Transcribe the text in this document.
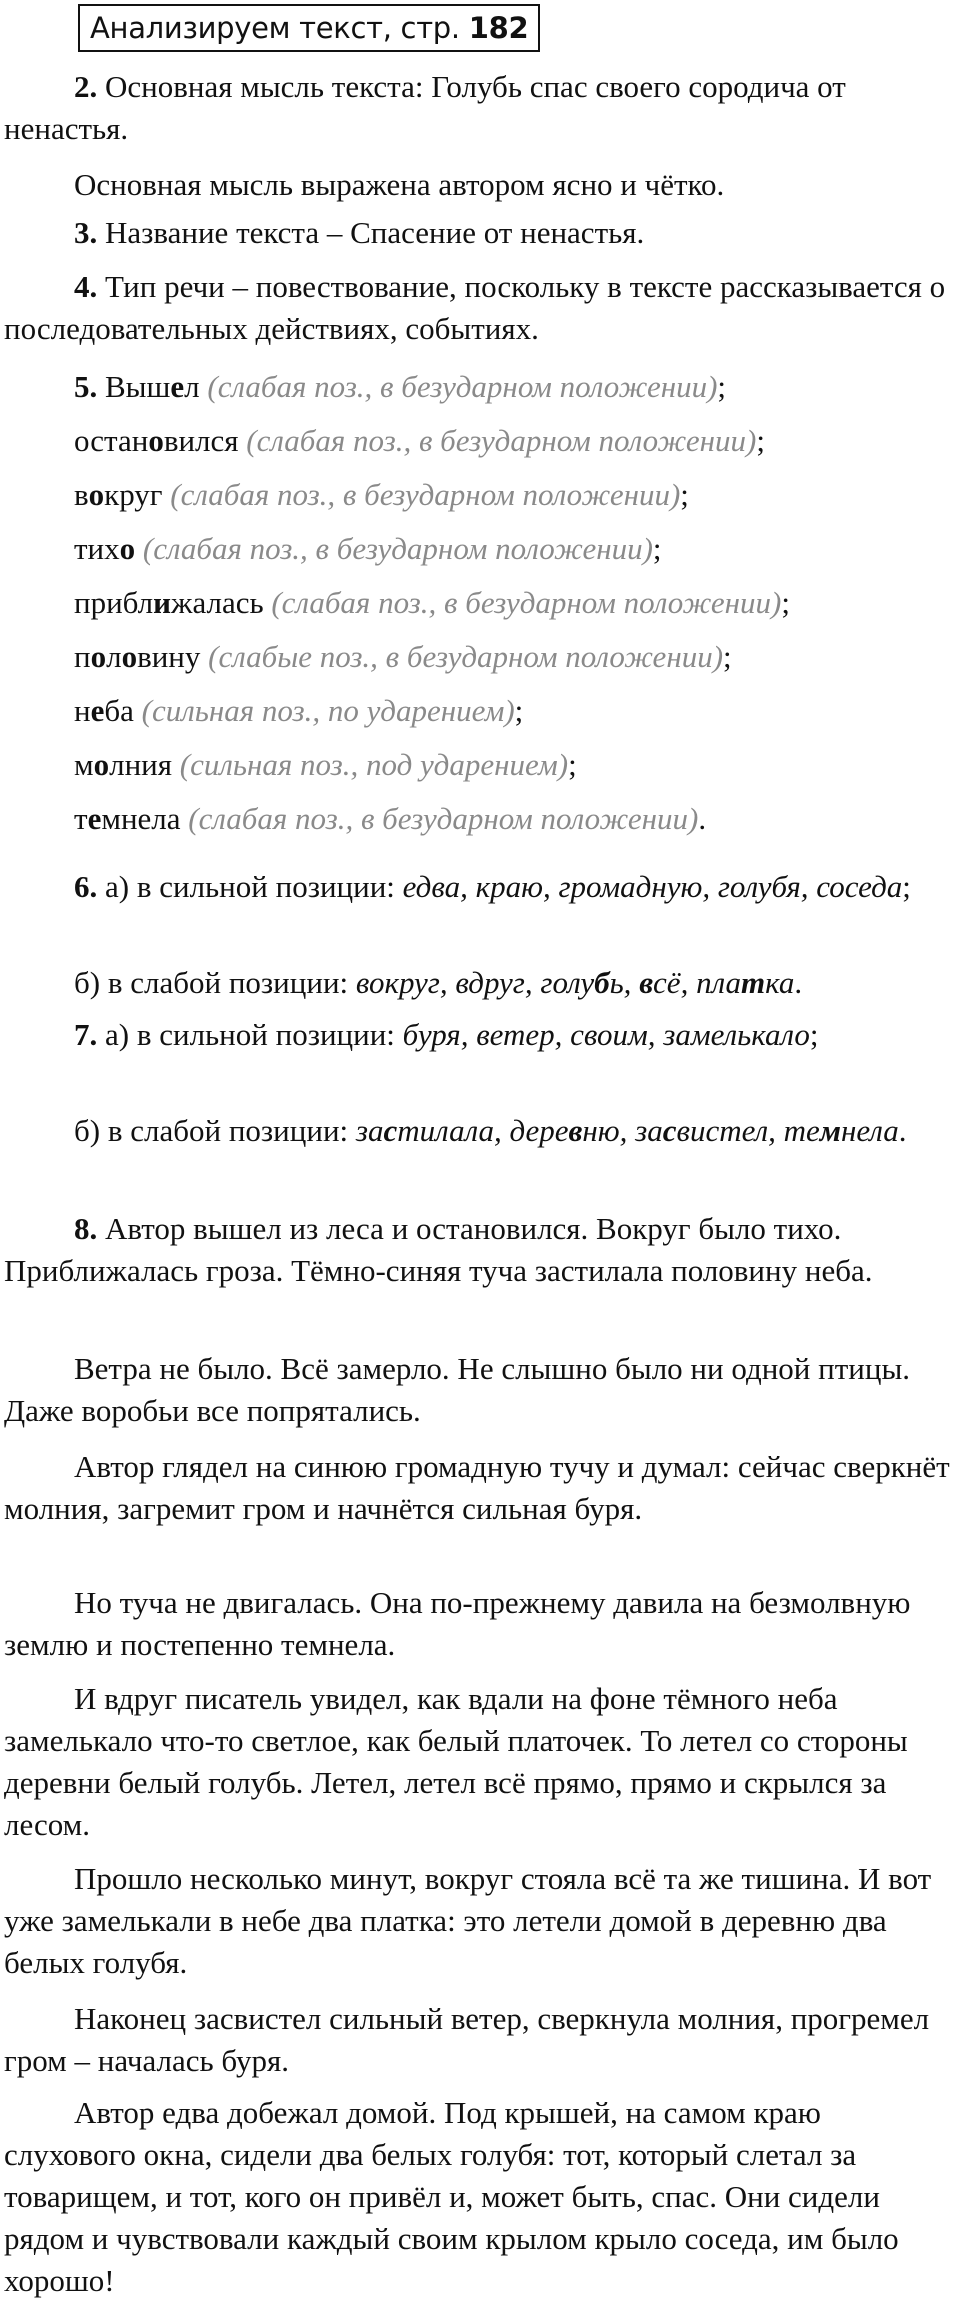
Анализируем текст, стр. 182

2. Основная мысль текста: Голубь спас своего сородича от ненастья.

Основная мысль выражена автором ясно и чётко.

3. Название текста – Спасение от ненастья.

4. Тип речи – повествование, поскольку в тексте рассказывается о последовательных действиях, событиях.

5. Вышел (слабая поз., в безударном положении);

остановился (слабая поз., в безударном положении);

вокруг (слабая поз., в безударном положении);

тихо (слабая поз., в безударном положении);

приближалась (слабая поз., в безударном положении);

половину (слабые поз., в безударном положении);

неба (сильная поз., по ударением);

молния (сильная поз., под ударением);

темнела (слабая поз., в безударном положении).

6. а) в сильной позиции: едва, краю, громадную, голубя, соседа;

б) в слабой позиции: вокруг, вдруг, голубь, всё, платка.

7. а) в сильной позиции: буря, ветер, своим, замелькало;

б) в слабой позиции: застилала, деревню, засвистел, темнела.

8. Автор вышел из леса и остановился. Вокруг было тихо. Приближалась гроза. Тёмно-синяя туча застилала половину неба.

Ветра не было. Всё замерло. Не слышно было ни одной птицы. Даже воробьи все попрятались.

Автор глядел на синюю громадную тучу и думал: сейчас сверкнёт молния, загремит гром и начнётся сильная буря.

Но туча не двигалась. Она по-прежнему давила на безмолвную землю и постепенно темнела.

И вдруг писатель увидел, как вдали на фоне тёмного неба замелькало что-то светлое, как белый платочек. То летел со стороны деревни белый голубь. Летел, летел всё прямо, прямо и скрылся за лесом.

Прошло несколько минут, вокруг стояла всё та же тишина. И вот уже замелькали в небе два платка: это летели домой в деревню два белых голубя.

Наконец засвистел сильный ветер, сверкнула молния, прогремел гром – началась буря.

Автор едва добежал домой. Под крышей, на самом краю слухового окна, сидели два белых голубя: тот, который слетал за товарищем, и тот, кого он привёл и, может быть, спас. Они сидели рядом и чувствовали каждый своим крылом крыло соседа, им было хорошо!
